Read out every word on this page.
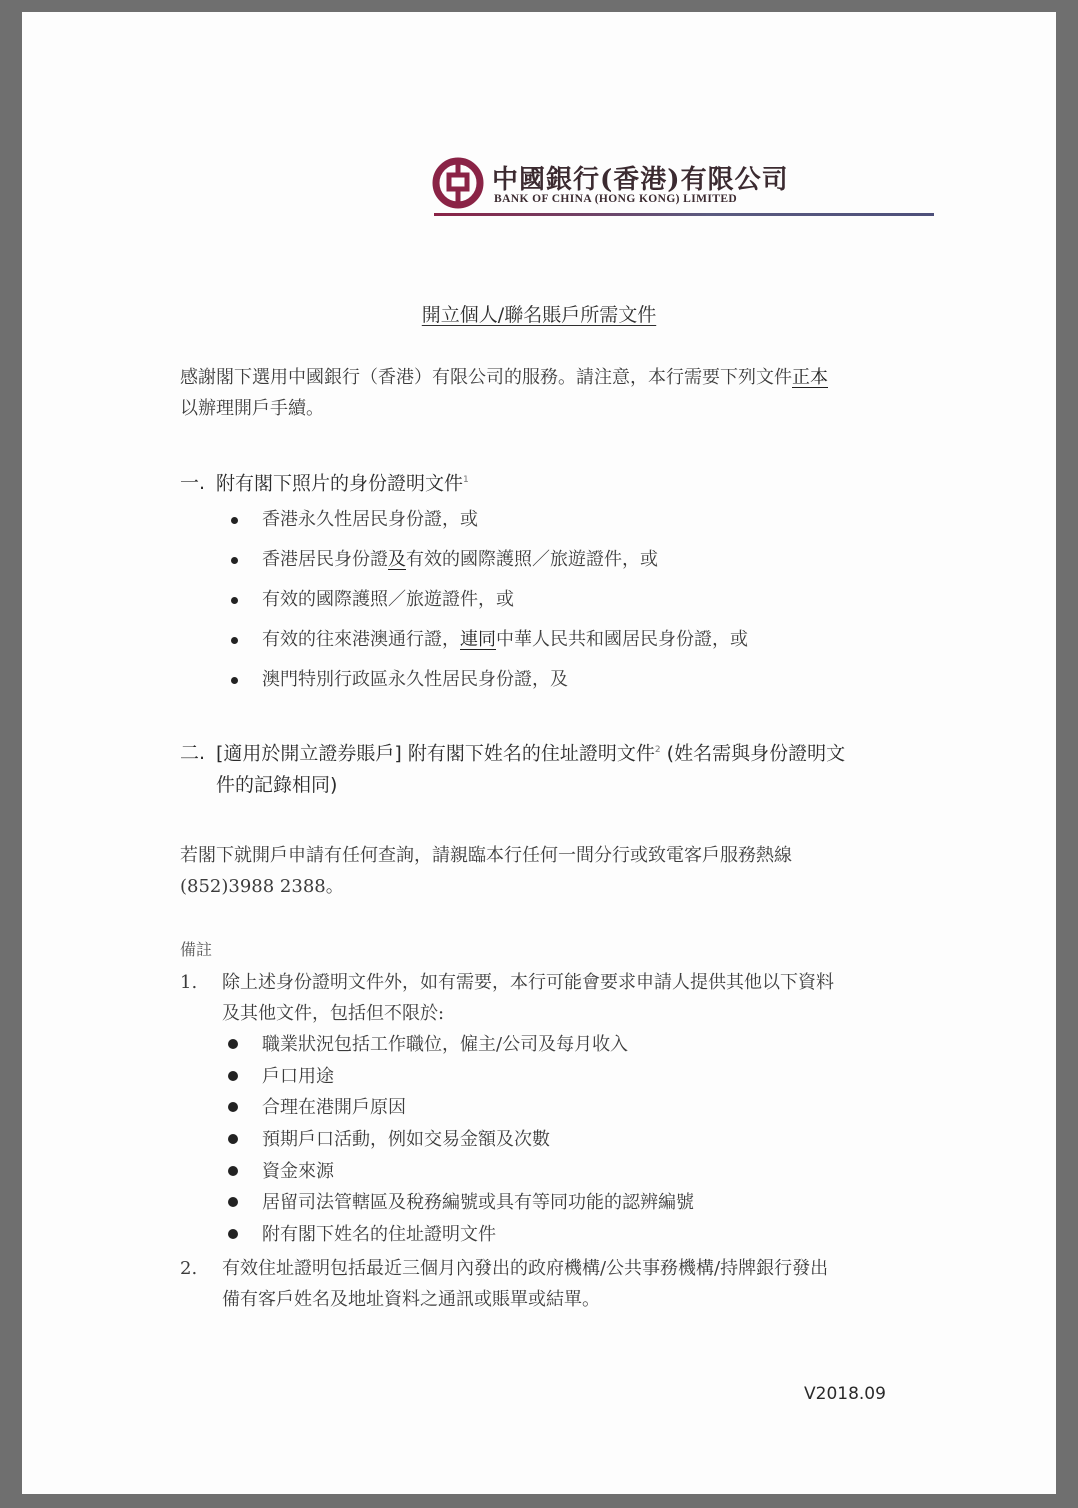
中國銀行(香港)有限公司
BANK OF CHINA (HONG KONG) LIMITED
開立個人/聯名賬戶所需文件
感謝閣下選用中國銀行（香港）有限公司的服務。請注意，本行需要下列文件正本
以辦理開戶手續。
一. 附有閣下照片的身份證明文件$^1$
香港永久性居民身份證，或
香港居民身份證及有效的國際護照／旅遊證件，或
有效的國際護照／旅遊證件，或
有效的往來港澳通行證，連同中華人民共和國居民身份證，或
澳門特別行政區永久性居民身份證，及
二. [適用於開立證券賬戶] 附有閣下姓名的住址證明文件$^2$ (姓名需與身份證明文
件的記錄相同)
若閣下就開戶申請有任何查詢，請親臨本行任何一間分行或致電客戶服務熱線
(852)3988 2388。
備註
1.	除上述身份證明文件外，如有需要，本行可能會要求申請人提供其他以下資料
及其他文件，包括但不限於:
職業狀況包括工作職位，僱主/公司及每月收入
戶口用途
合理在港開戶原因
預期戶口活動，例如交易金額及次數
資金來源
居留司法管轄區及稅務編號或具有等同功能的認辨編號
附有閣下姓名的住址證明文件
2.	有效住址證明包括最近三個月內發出的政府機構/公共事務機構/持牌銀行發出
備有客戶姓名及地址資料之通訊或賬單或結單。
V2018.09
